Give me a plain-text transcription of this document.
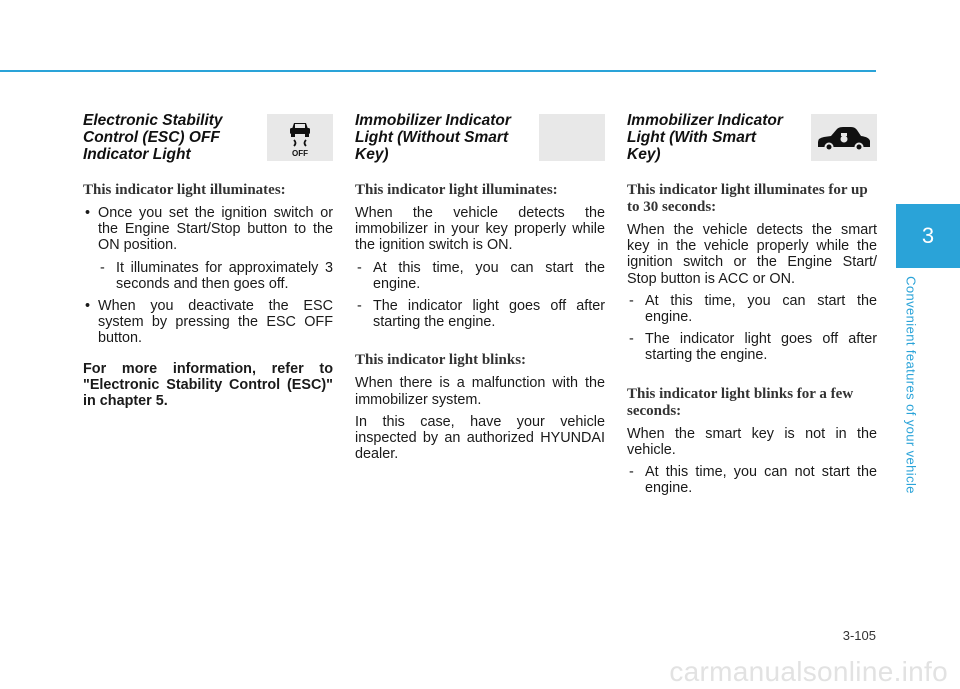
3
Convenient features of your vehicle
Electronic Stability Control (ESC) OFF Indicator Light	OFF
This indicator light illuminates:
• Once you set the ignition switch or the Engine Start/Stop button to the ON position.
- It illuminates for approximately 3 seconds and then goes off.
• When you deactivate the ESC system by pressing the ESC OFF button.
For more information, refer to "Electronic Stability Control (ESC)" in chapter 5.
Immobilizer Indicator Light (Without Smart Key)
This indicator light illuminates:
When the vehicle detects the immobilizer in your key properly while the ignition switch is ON.
- At this time, you can start the engine.
- The indicator light goes off after starting the engine.
This indicator light blinks:
When there is a malfunction with the immobilizer system.
In this case, have your vehicle inspected by an authorized HYUNDAI dealer.
Immobilizer Indicator Light (With Smart Key)
This indicator light illuminates for up to 30 seconds:
When the vehicle detects the smart key in the vehicle properly while the ignition switch or the Engine Start/ Stop button is ACC or ON.
- At this time, you can start the engine.
- The indicator light goes off after starting the engine.
This indicator light blinks for a few seconds:
When the smart key is not in the vehicle.
- At this time, you can not start the engine.
3-105
carmanualsonline.info
